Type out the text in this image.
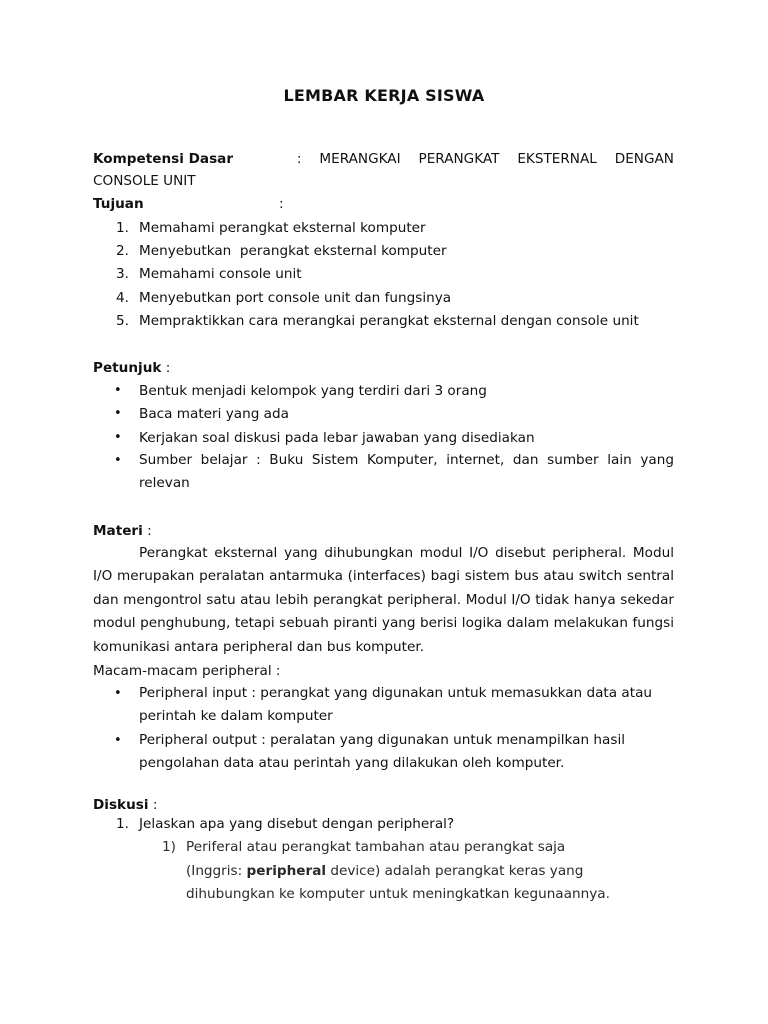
LEMBAR KERJA SISWA
Kompetensi Dasar	: MERANGKAI PERANGKAT EKSTERNAL DENGAN
CONSOLE UNIT
Tujuan	:
1. Memahami perangkat eksternal komputer
2. Menyebutkan  perangkat eksternal komputer
3. Memahami console unit
4. Menyebutkan port console unit dan fungsinya
5. Mempraktikkan cara merangkai perangkat eksternal dengan console unit
Petunjuk :
• Bentuk menjadi kelompok yang terdiri dari 3 orang
• Baca materi yang ada
• Kerjakan soal diskusi pada lebar jawaban yang disediakan
• Sumber belajar : Buku Sistem Komputer, internet, dan sumber lain yang relevan
Materi :
Perangkat eksternal yang dihubungkan modul I/O disebut peripheral. Modul I/O merupakan peralatan antarmuka (interfaces) bagi sistem bus atau switch sentral dan mengontrol satu atau lebih perangkat peripheral. Modul I/O tidak hanya sekedar modul penghubung, tetapi sebuah piranti yang berisi logika dalam melakukan fungsi komunikasi antara peripheral dan bus komputer.
Macam-macam peripheral :
• Peripheral input : perangkat yang digunakan untuk memasukkan data atau perintah ke dalam komputer
• Peripheral output : peralatan yang digunakan untuk menampilkan hasil pengolahan data atau perintah yang dilakukan oleh komputer.
Diskusi :
1. Jelaskan apa yang disebut dengan peripheral?
1) Periferal atau perangkat tambahan atau perangkat saja
(Inggris: peripheral device) adalah perangkat keras yang
dihubungkan ke komputer untuk meningkatkan kegunaannya.
